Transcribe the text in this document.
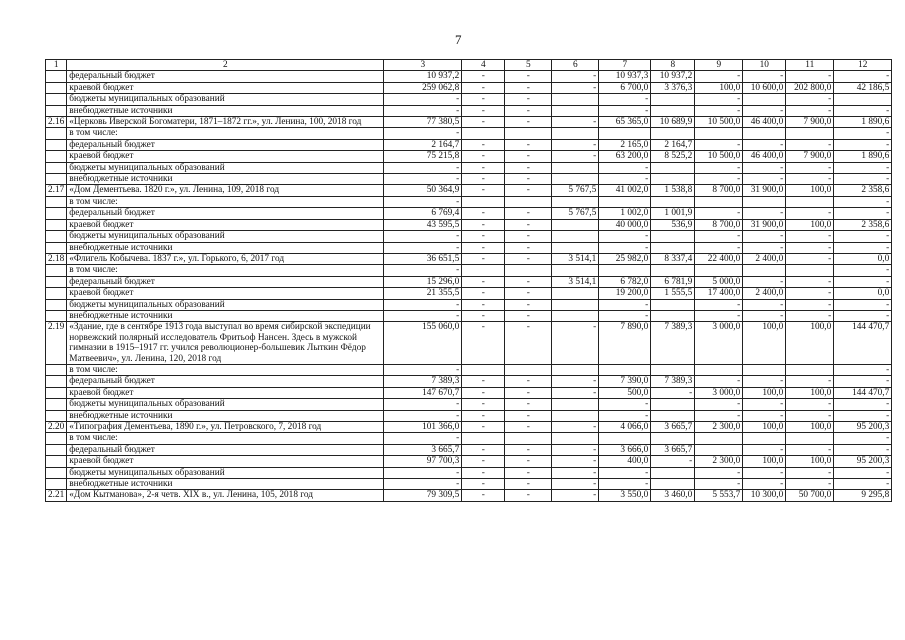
7
1	2	3	4	5	6	7	8	9	10	11	12
	федеральный бюджет	10 937,2	-	-	-	10 937,3	10 937,2	-	-	-	-
	краевой бюджет	259 062,8	-	-	-	6 700,0	3 376,3	100,0	10 600,0	202 800,0	42 186,5
	бюджеты муниципальных образований	-	-	-		-		-		-	
	внебюджетные источники	-	-	-		-		-	-	-	-
2.16	«Церковь Иверской Богоматери, 1871–1872 гг.», ул. Ленина, 100, 2018 год	77 380,5	-	-	-	65 365,0	10 689,9	10 500,0	46 400,0	7 900,0	1 890,6
	в том числе:	-									-
	федеральный бюджет	2 164,7	-	-	-	2 165,0	2 164,7	-	-	-	-
	краевой бюджет	75 215,8	-	-	-	63 200,0	8 525,2	10 500,0	46 400,0	7 900,0	1 890,6
	бюджеты муниципальных образований	-	-	-		-		-	-	-	-
	внебюджетные источники	-	-	-		-		-	-	-	-
2.17	«Дом Дементьева. 1820 г.», ул. Ленина, 109, 2018 год	50 364,9	-	-	5 767,5	41 002,0	1 538,8	8 700,0	31 900,0	100,0	2 358,6
	в том числе:	-									-
	федеральный бюджет	6 769,4	-	-	5 767,5	1 002,0	1 001,9	-	-	-	-
	краевой бюджет	43 595,5	-	-		40 000,0	536,9	8 700,0	31 900,0	100,0	2 358,6
	бюджеты муниципальных образований	-	-	-		-		-	-	-	-
	внебюджетные источники	-	-	-		-		-	-	-	-
2.18	«Флигель Кобычева. 1837 г.», ул. Горького, 6, 2017 год	36 651,5	-	-	3 514,1	25 982,0	8 337,4	22 400,0	2 400,0	-	0,0
	в том числе:	-									-
	федеральный бюджет	15 296,0	-	-	3 514,1	6 782,0	6 781,9	5 000,0	-	-	-
	краевой бюджет	21 355,5	-	-		19 200,0	1 555,5	17 400,0	2 400,0	-	0,0
	бюджеты муниципальных образований	-	-	-		-		-	-	-	-
	внебюджетные источники	-	-	-		-		-	-	-	-
2.19	«Здание, где в сентябре 1913 года выступал во время сибирской экспедиции норвежский полярный исследователь Фритьоф Нансен. Здесь в мужской гимназии в 1915–1917 гг. учился революционер-большевик Лыткин Фёдор Матвеевич», ул. Ленина, 120, 2018 год	155 060,0	-	-	-	7 890,0	7 389,3	3 000,0	100,0	100,0	144 470,7
	в том числе:	-									-
	федеральный бюджет	7 389,3	-	-	-	7 390,0	7 389,3	-	-	-	-
	краевой бюджет	147 670,7	-	-	-	500,0	-	3 000,0	100,0	100,0	144 470,7
	бюджеты муниципальных образований	-	-	-		-		-	-	-	-
	внебюджетные источники	-	-	-		-		-	-	-	-
2.20	«Типография Дементьева, 1890 г.», ул. Петровского, 7, 2018 год	101 366,0	-	-	-	4 066,0	3 665,7	2 300,0	100,0	100,0	95 200,3
	в том числе:	-									-
	федеральный бюджет	3 665,7	-	-	-	3 666,0	3 665,7		-	-	-
	краевой бюджет	97 700,3	-	-	-	400,0	-	2 300,0	100,0	100,0	95 200,3
	бюджеты муниципальных образований	-	-	-	-	-		-	-	-	-
	внебюджетные источники	-	-	-	-	-		-	-	-	-
2.21	«Дом Кытманова», 2-я четв. XIX в., ул. Ленина, 105, 2018 год	79 309,5	-	-	-	3 550,0	3 460,0	5 553,7	10 300,0	50 700,0	9 295,8
